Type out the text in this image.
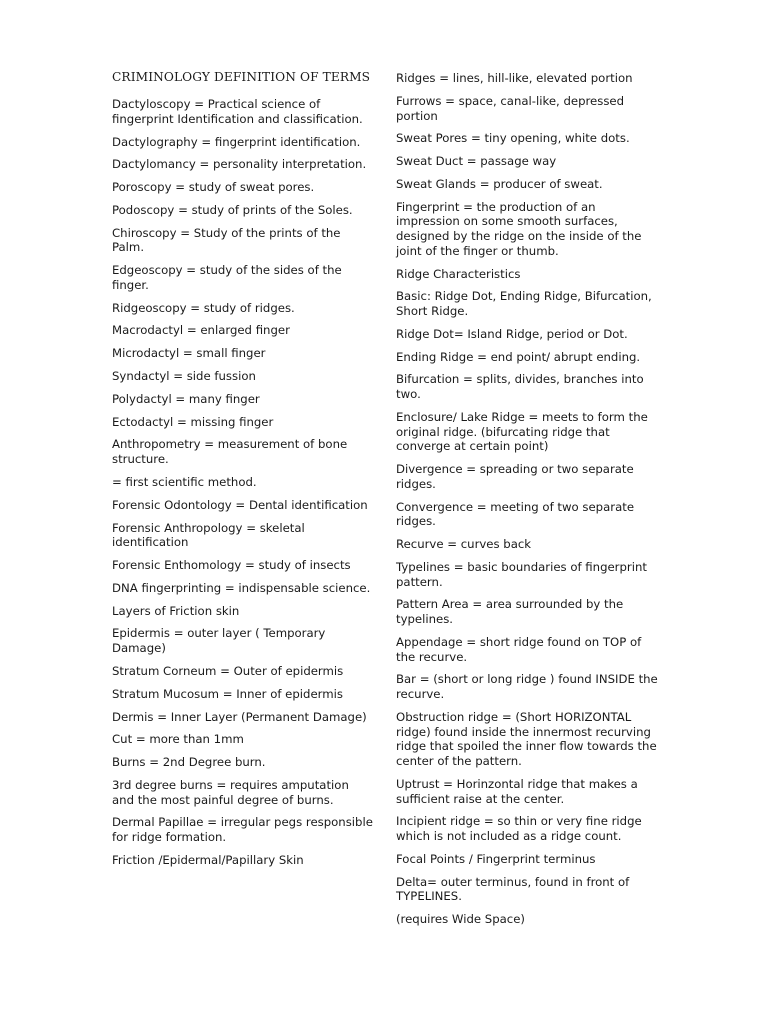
CRIMINOLOGY DEFINITION OF TERMS
Dactyloscopy = Practical science of fingerprint Identification and classification.
Dactylography = fingerprint identification.
Dactylomancy = personality interpretation.
Poroscopy = study of sweat pores.
Podoscopy = study of prints of the Soles.
Chiroscopy = Study of the prints of the Palm.
Edgeoscopy = study of the sides of the finger.
Ridgeoscopy = study of ridges.
Macrodactyl = enlarged finger
Microdactyl = small finger
Syndactyl = side fussion
Polydactyl = many finger
Ectodactyl = missing finger
Anthropometry = measurement of bone structure.
= first scientific method.
Forensic Odontology = Dental identification
Forensic Anthropology = skeletal identification
Forensic Enthomology = study of insects
DNA fingerprinting = indispensable science.
Layers of Friction skin
Epidermis = outer layer ( Temporary Damage)
Stratum Corneum = Outer of epidermis
Stratum Mucosum = Inner of epidermis
Dermis = Inner Layer (Permanent Damage)
Cut = more than 1mm
Burns = 2nd Degree burn.
3rd degree burns = requires amputation and the most painful degree of burns.
Dermal Papillae = irregular pegs responsible for ridge formation.
Friction /Epidermal/Papillary Skin
Ridges = lines, hill-like, elevated portion
Furrows = space, canal-like, depressed portion
Sweat Pores = tiny opening, white dots.
Sweat Duct = passage way
Sweat Glands = producer of sweat.
Fingerprint = the production of an impression on some smooth surfaces, designed by the ridge on the inside of the joint of the finger or thumb.
Ridge Characteristics
Basic: Ridge Dot, Ending Ridge, Bifurcation, Short Ridge.
Ridge Dot= Island Ridge, period or Dot.
Ending Ridge = end point/ abrupt ending.
Bifurcation = splits, divides, branches into two.
Enclosure/ Lake Ridge = meets to form the original ridge. (bifurcating ridge that converge at certain point)
Divergence = spreading or two separate ridges.
Convergence = meeting of two separate ridges.
Recurve = curves back
Typelines = basic boundaries of fingerprint pattern.
Pattern Area = area surrounded by the typelines.
Appendage = short ridge found on TOP of the recurve.
Bar = (short or long ridge ) found INSIDE the recurve.
Obstruction ridge = (Short HORIZONTAL ridge) found inside the innermost recurving ridge that spoiled the inner flow towards the center of the pattern.
Uptrust = Horinzontal ridge that makes a sufficient raise at the center.
Incipient ridge = so thin or very fine ridge which is not included as a ridge count.
Focal Points / Fingerprint terminus
Delta= outer terminus, found in front of TYPELINES.
(requires Wide Space)
